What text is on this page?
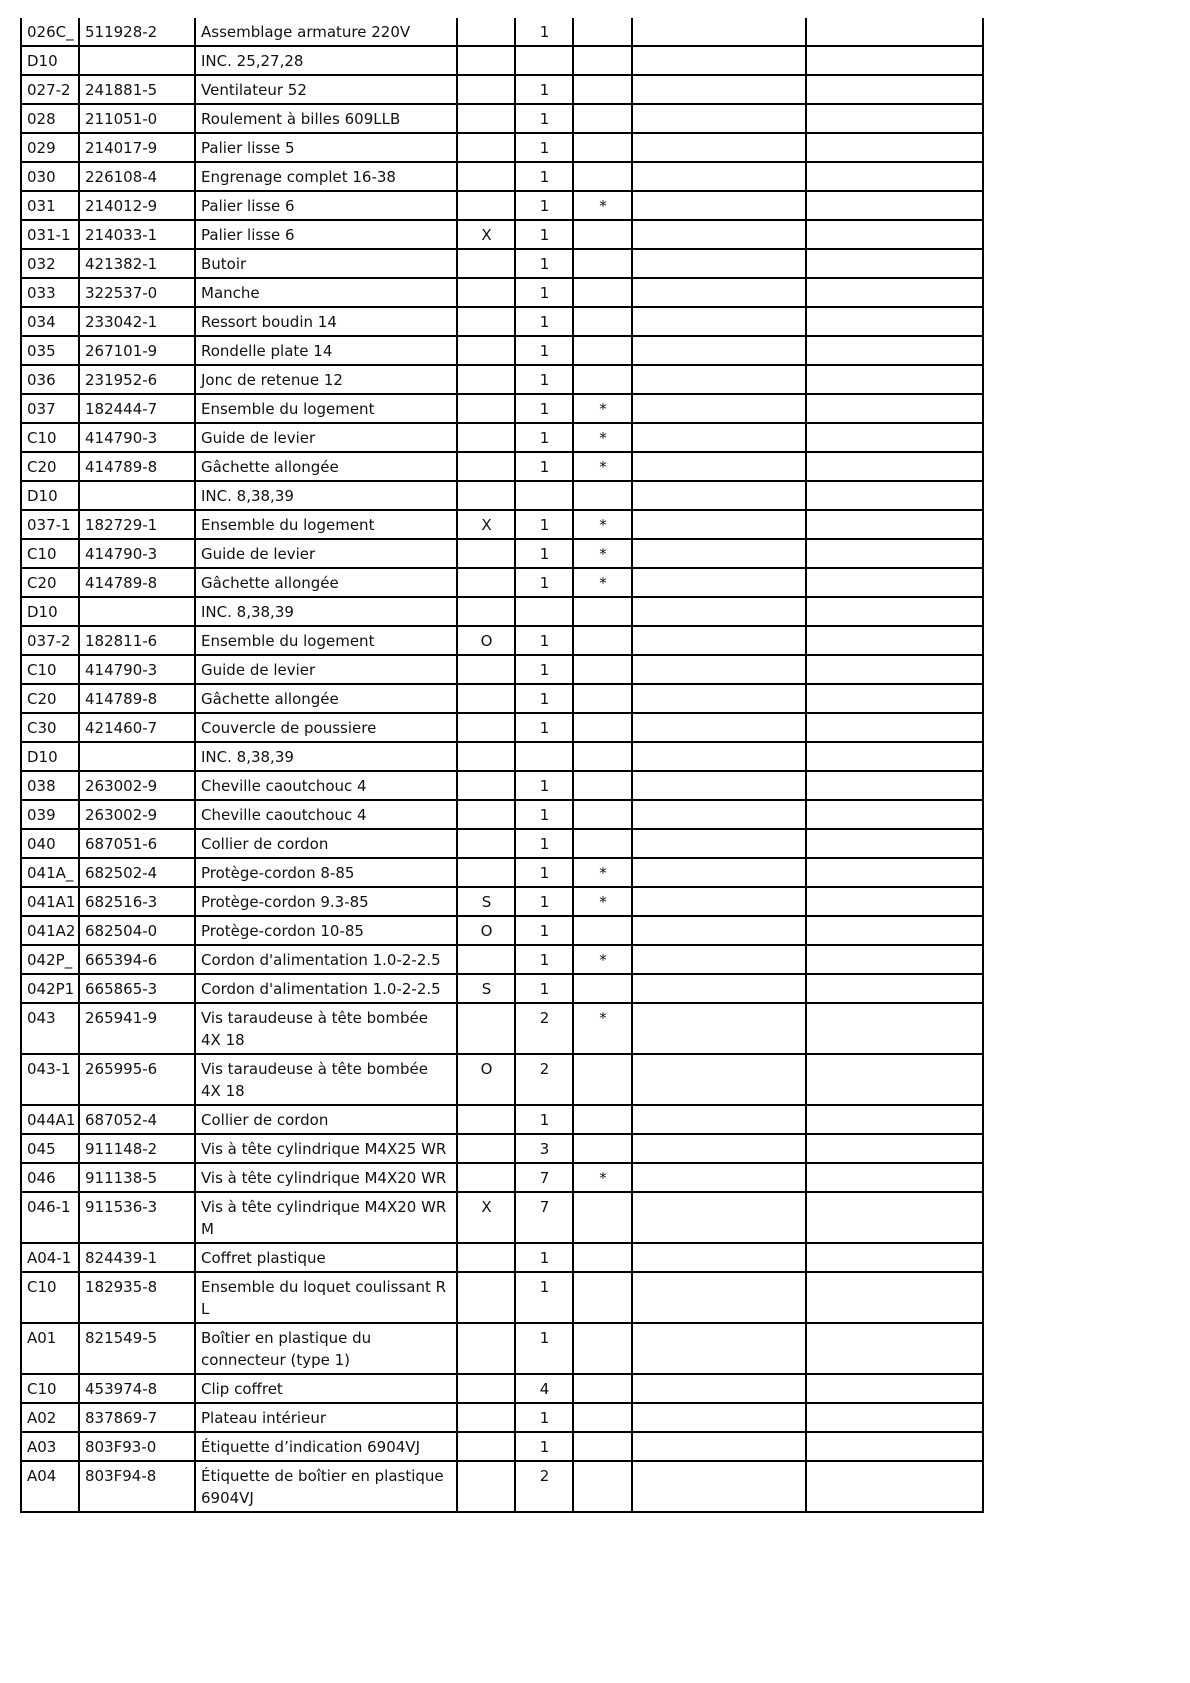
026C_	511928-2	Assemblage armature 220V		1			
D10		INC. 25,27,28					
027-2	241881-5	Ventilateur 52		1			
028	211051-0	Roulement à billes 609LLB		1			
029	214017-9	Palier lisse 5		1			
030	226108-4	Engrenage complet 16-38		1			
031	214012-9	Palier lisse 6		1	*		
031-1	214033-1	Palier lisse 6	X	1			
032	421382-1	Butoir		1			
033	322537-0	Manche		1			
034	233042-1	Ressort boudin 14		1			
035	267101-9	Rondelle plate 14		1			
036	231952-6	Jonc de retenue 12		1			
037	182444-7	Ensemble du logement		1	*		
C10	414790-3	Guide de levier		1	*		
C20	414789-8	Gâchette allongée		1	*		
D10		INC. 8,38,39					
037-1	182729-1	Ensemble du logement	X	1	*		
C10	414790-3	Guide de levier		1	*		
C20	414789-8	Gâchette allongée		1	*		
D10		INC. 8,38,39					
037-2	182811-6	Ensemble du logement	O	1			
C10	414790-3	Guide de levier		1			
C20	414789-8	Gâchette allongée		1			
C30	421460-7	Couvercle de poussiere		1			
D10		INC. 8,38,39					
038	263002-9	Cheville caoutchouc 4		1			
039	263002-9	Cheville caoutchouc 4		1			
040	687051-6	Collier de cordon		1			
041A_	682502-4	Protège-cordon 8-85		1	*		
041A1	682516-3	Protège-cordon 9.3-85	S	1	*		
041A2	682504-0	Protège-cordon 10-85	O	1			
042P_	665394-6	Cordon d'alimentation 1.0-2-2.5		1	*		
042P1	665865-3	Cordon d'alimentation 1.0-2-2.5	S	1			
043	265941-9	Vis taraudeuse à tête bombée 4X 18		2	*		
043-1	265995-6	Vis taraudeuse à tête bombée 4X 18	O	2			
044A1	687052-4	Collier de cordon		1			
045	911148-2	Vis à tête cylindrique M4X25 WR		3			
046	911138-5	Vis à tête cylindrique M4X20 WR		7	*		
046-1	911536-3	Vis à tête cylindrique M4X20 WR M	X	7			
A04-1	824439-1	Coffret plastique		1			
C10	182935-8	Ensemble du loquet coulissant R L		1			
A01	821549-5	Boîtier en plastique du connecteur (type 1)		1			
C10	453974-8	Clip coffret		4			
A02	837869-7	Plateau intérieur		1			
A03	803F93-0	Étiquette d’indication 6904VJ		1			
A04	803F94-8	Étiquette de boîtier en plastique 6904VJ		2			
